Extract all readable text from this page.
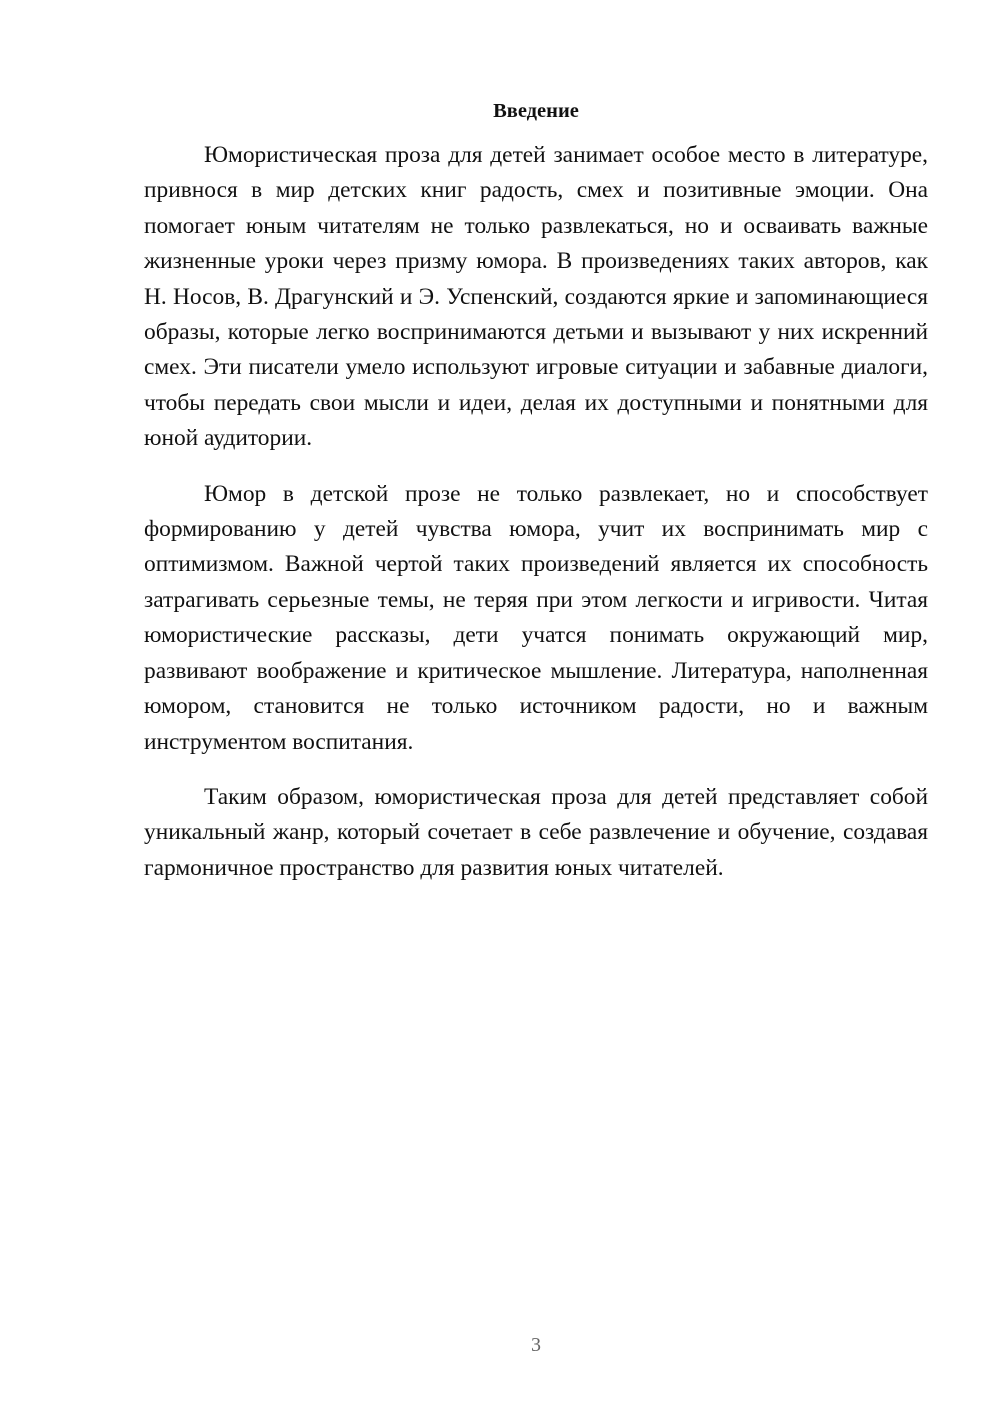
Введение

Юмористическая проза для детей занимает особое место в литературе, привнося в мир детских книг радость, смех и позитивные эмоции. Она помогает юным читателям не только развлекаться, но и осваивать важные жизненные уроки через призму юмора. В произведениях таких авторов, как Н. Носов, В. Драгунский и Э. Успенский, создаются яркие и запоминающиеся образы, которые легко воспринимаются детьми и вызывают у них искренний смех. Эти писатели умело используют игровые ситуации и забавные диалоги, чтобы передать свои мысли и идеи, делая их доступными и понятными для юной аудитории.

Юмор в детской прозе не только развлекает, но и способствует формированию у детей чувства юмора, учит их воспринимать мир с оптимизмом. Важной чертой таких произведений является их способность затрагивать серьезные темы, не теряя при этом легкости и игривости. Читая юмористические рассказы, дети учатся понимать окружающий мир, развивают воображение и критическое мышление. Литература, наполненная юмором, становится не только источником радости, но и важным инструментом воспитания.

Таким образом, юмористическая проза для детей представляет собой уникальный жанр, который сочетает в себе развлечение и обучение, создавая гармоничное пространство для развития юных читателей.

3
